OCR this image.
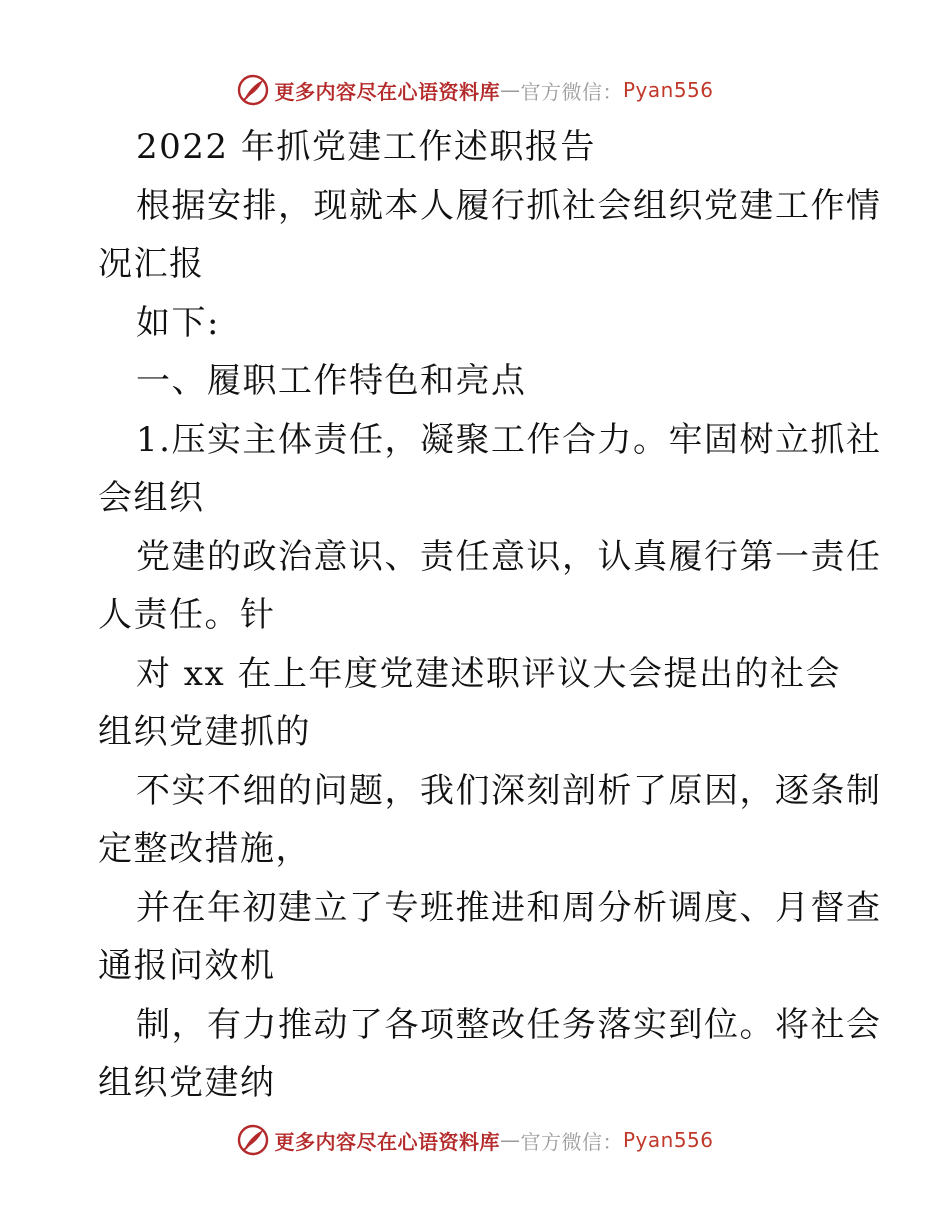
更多内容尽在心语资料库 — 官方微信： Pyan556
2022 年抓党建工作述职报告
根据安排，现就本人履行抓社会组织党建工作情
况汇报
如下:
一、履职工作特色和亮点
1.压实主体责任，凝聚工作合力。牢固树立抓社
会组织
党建的政治意识、责任意识，认真履行第一责任
人责任。针
对 xx 在上年度党建述职评议大会提出的社会
组织党建抓的
不实不细的问题，我们深刻剖析了原因，逐条制
定整改措施，
并在年初建立了专班推进和周分析调度、月督查
通报问效机
制，有力推动了各项整改任务落实到位。将社会
组织党建纳
更多内容尽在心语资料库 — 官方微信： Pyan556
